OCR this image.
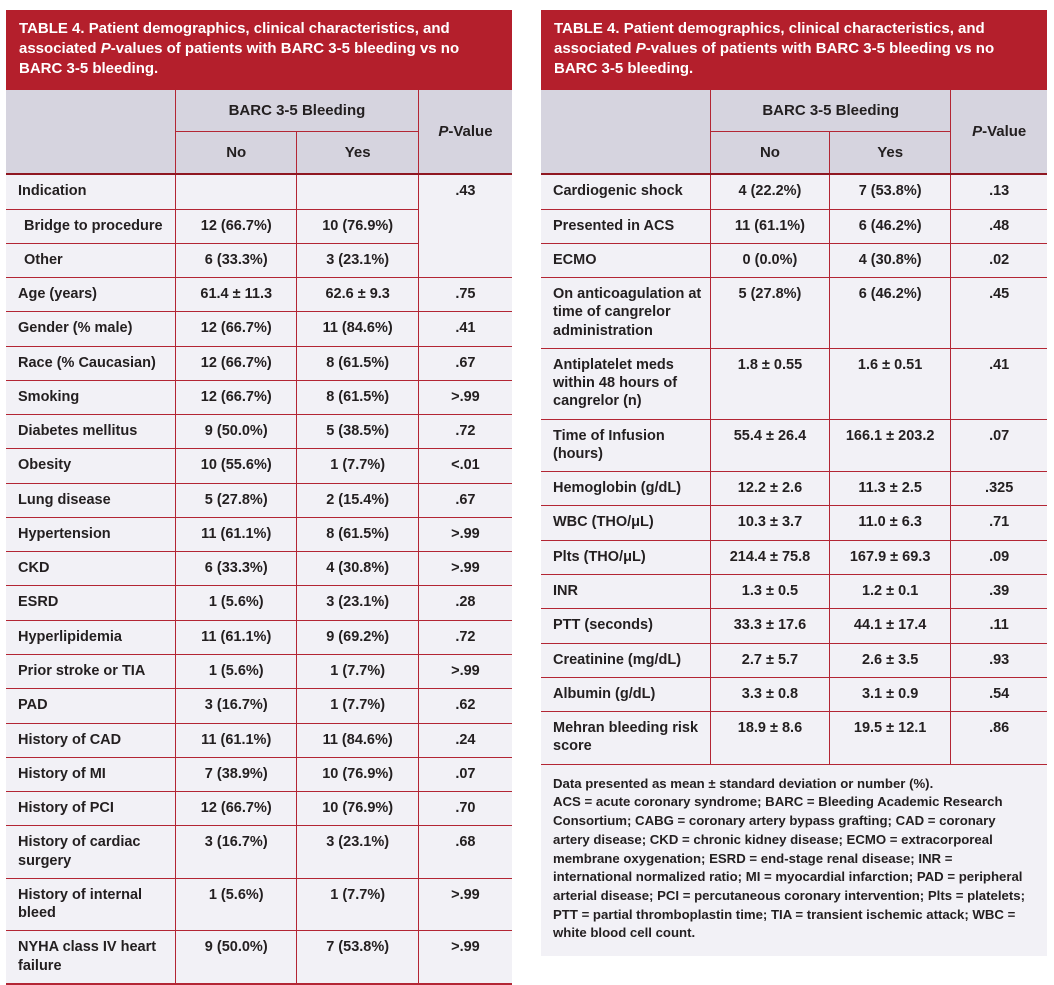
TABLE 4. Patient demographics, clinical characteristics, and associated P-values of patients with BARC 3-5 bleeding vs no BARC 3-5 bleeding.
	BARC 3-5 Bleeding		P-Value
	No	Yes	
Indication			.43
Bridge to procedure	12 (66.7%)	10 (76.9%)	
Other	6 (33.3%)	3 (23.1%)	
Age (years)	61.4 ± 11.3	62.6 ± 9.3	.75
Gender (% male)	12 (66.7%)	11 (84.6%)	.41
Race (% Caucasian)	12 (66.7%)	8 (61.5%)	.67
Smoking	12 (66.7%)	8 (61.5%)	>.99
Diabetes mellitus	9 (50.0%)	5 (38.5%)	.72
Obesity	10 (55.6%)	1 (7.7%)	<.01
Lung disease	5 (27.8%)	2 (15.4%)	.67
Hypertension	11 (61.1%)	8 (61.5%)	>.99
CKD	6 (33.3%)	4 (30.8%)	>.99
ESRD	1 (5.6%)	3 (23.1%)	.28
Hyperlipidemia	11 (61.1%)	9 (69.2%)	.72
Prior stroke or TIA	1 (5.6%)	1 (7.7%)	>.99
PAD	3 (16.7%)	1 (7.7%)	.62
History of CAD	11 (61.1%)	11 (84.6%)	.24
History of MI	7 (38.9%)	10 (76.9%)	.07
History of PCI	12 (66.7%)	10 (76.9%)	.70
History of cardiac surgery	3 (16.7%)	3 (23.1%)	.68
History of internal bleed	1 (5.6%)	1 (7.7%)	>.99
NYHA class IV heart failure	9 (50.0%)	7 (53.8%)	>.99
TABLE 4. Patient demographics, clinical characteristics, and associated P-values of patients with BARC 3-5 bleeding vs no BARC 3-5 bleeding.
	BARC 3-5 Bleeding		P-Value
	No	Yes	
Cardiogenic shock	4 (22.2%)	7 (53.8%)	.13
Presented in ACS	11 (61.1%)	6 (46.2%)	.48
ECMO	0 (0.0%)	4 (30.8%)	.02
On anticoagulation at time of cangrelor administration	5 (27.8%)	6 (46.2%)	.45
Antiplatelet meds within 48 hours of cangrelor (n)	1.8 ± 0.55	1.6 ± 0.51	.41
Time of Infusion (hours)	55.4 ± 26.4	166.1 ± 203.2	.07
Hemoglobin (g/dL)	12.2 ± 2.6	11.3 ± 2.5	.325
WBC (THO/μL)	10.3 ± 3.7	11.0 ± 6.3	.71
Plts (THO/μL)	214.4 ± 75.8	167.9 ± 69.3	.09
INR	1.3 ± 0.5	1.2 ± 0.1	.39
PTT (seconds)	33.3 ± 17.6	44.1 ± 17.4	.11
Creatinine (mg/dL)	2.7 ± 5.7	2.6 ± 3.5	.93
Albumin (g/dL)	3.3 ± 0.8	3.1 ± 0.9	.54
Mehran bleeding risk score	18.9 ± 8.6	19.5 ± 12.1	.86

Data presented as mean ± standard deviation or number (%).

ACS = acute coronary syndrome; BARC = Bleeding Academic Research Consortium; CABG = coronary artery bypass grafting; CAD = coronary artery disease; CKD = chronic kidney disease; ECMO = extracorporeal membrane oxygenation; ESRD = end-stage renal disease; INR = international normalized ratio; MI = myocardial infarction; PAD = peripheral arterial disease; PCI = percutaneous coronary intervention; Plts = platelets; PTT = partial thromboplastin time; TIA = transient ischemic attack; WBC = white blood cell count.
